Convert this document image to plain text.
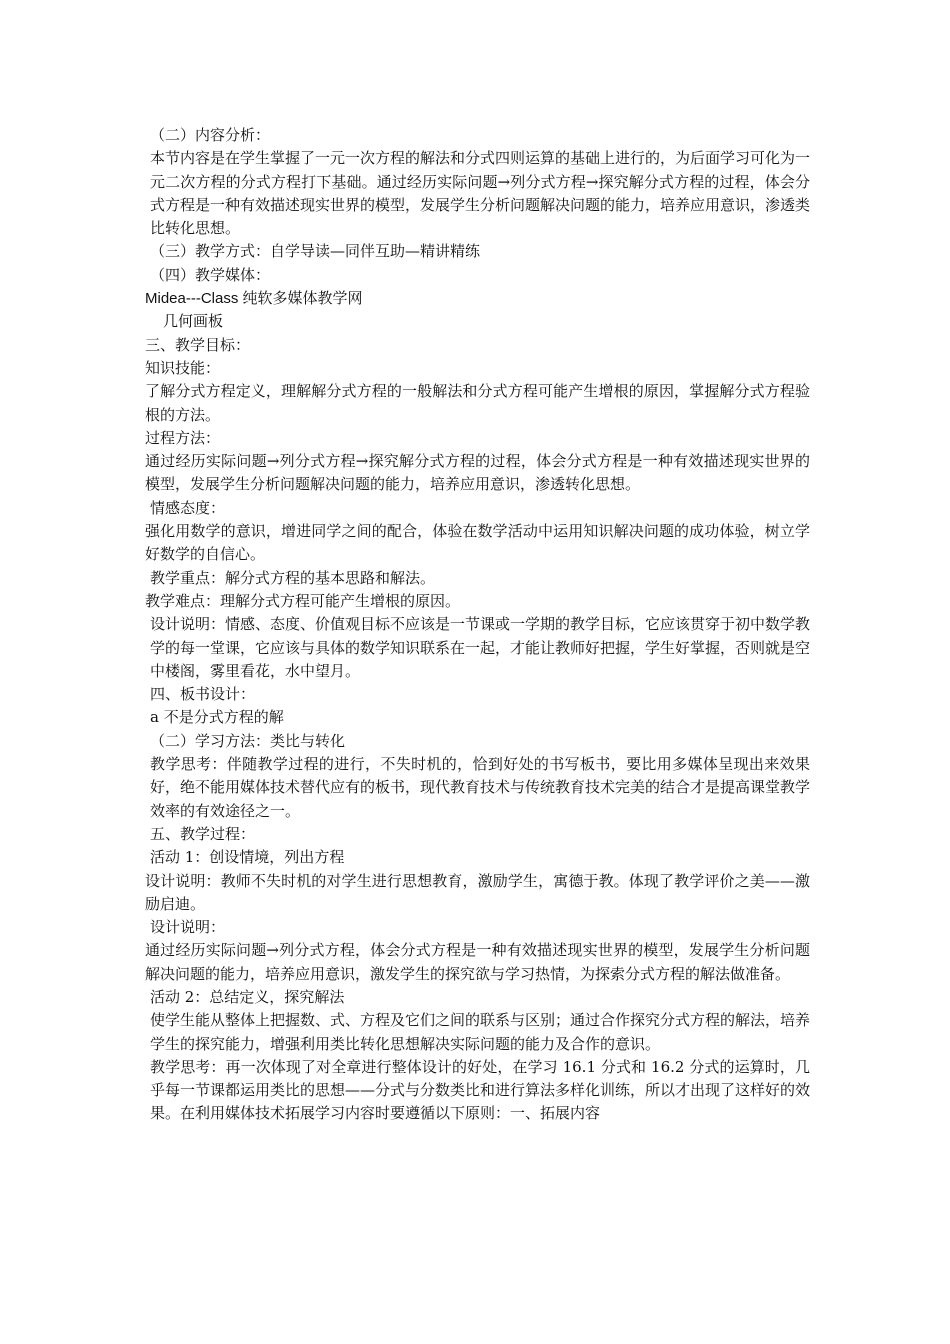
（二）内容分析：

本节内容是在学生掌握了一元一次方程的解法和分式四则运算的基础上进行的，为后面学习可化为一元二次方程的分式方程打下基础。通过经历实际问题→列分式方程→探究解分式方程的过程，体会分式方程是一种有效描述现实世界的模型，发展学生分析问题解决问题的能力，培养应用意识，渗透类比转化思想。

（三）教学方式：自学导读—同伴互助—精讲精练

（四）教学媒体：

Midea---Class 纯软多媒体教学网

几何画板

三、教学目标：

知识技能：

了解分式方程定义，理解解分式方程的一般解法和分式方程可能产生增根的原因，掌握解分式方程验根的方法。

过程方法：

通过经历实际问题→列分式方程→探究解分式方程的过程，体会分式方程是一种有效描述现实世界的模型，发展学生分析问题解决问题的能力，培养应用意识，渗透转化思想。

情感态度：

强化用数学的意识，增进同学之间的配合，体验在数学活动中运用知识解决问题的成功体验，树立学好数学的自信心。

教学重点：解分式方程的基本思路和解法。

教学难点：理解分式方程可能产生增根的原因。

设计说明：情感、态度、价值观目标不应该是一节课或一学期的教学目标，它应该贯穿于初中数学教学的每一堂课，它应该与具体的数学知识联系在一起，才能让教师好把握，学生好掌握，否则就是空中楼阁，雾里看花，水中望月。

四、板书设计：

a 不是分式方程的解

（二）学习方法：类比与转化

教学思考：伴随教学过程的进行，不失时机的，恰到好处的书写板书，要比用多媒体呈现出来效果好，绝不能用媒体技术替代应有的板书，现代教育技术与传统教育技术完美的结合才是提高课堂教学效率的有效途径之一。

五、教学过程：

活动 1：创设情境，列出方程

设计说明：教师不失时机的对学生进行思想教育，激励学生，寓德于教。体现了教学评价之美——激励启迪。

设计说明：

通过经历实际问题→列分式方程，体会分式方程是一种有效描述现实世界的模型，发展学生分析问题解决问题的能力，培养应用意识，激发学生的探究欲与学习热情，为探索分式方程的解法做准备。

活动 2：总结定义，探究解法

使学生能从整体上把握数、式、方程及它们之间的联系与区别；通过合作探究分式方程的解法，培养学生的探究能力，增强利用类比转化思想解决实际问题的能力及合作的意识。

教学思考：再一次体现了对全章进行整体设计的好处，在学习 16.1 分式和 16.2 分式的运算时，几乎每一节课都运用类比的思想——分式与分数类比和进行算法多样化训练，所以才出现了这样好的效果。在利用媒体技术拓展学习内容时要遵循以下原则：一、拓展内容
